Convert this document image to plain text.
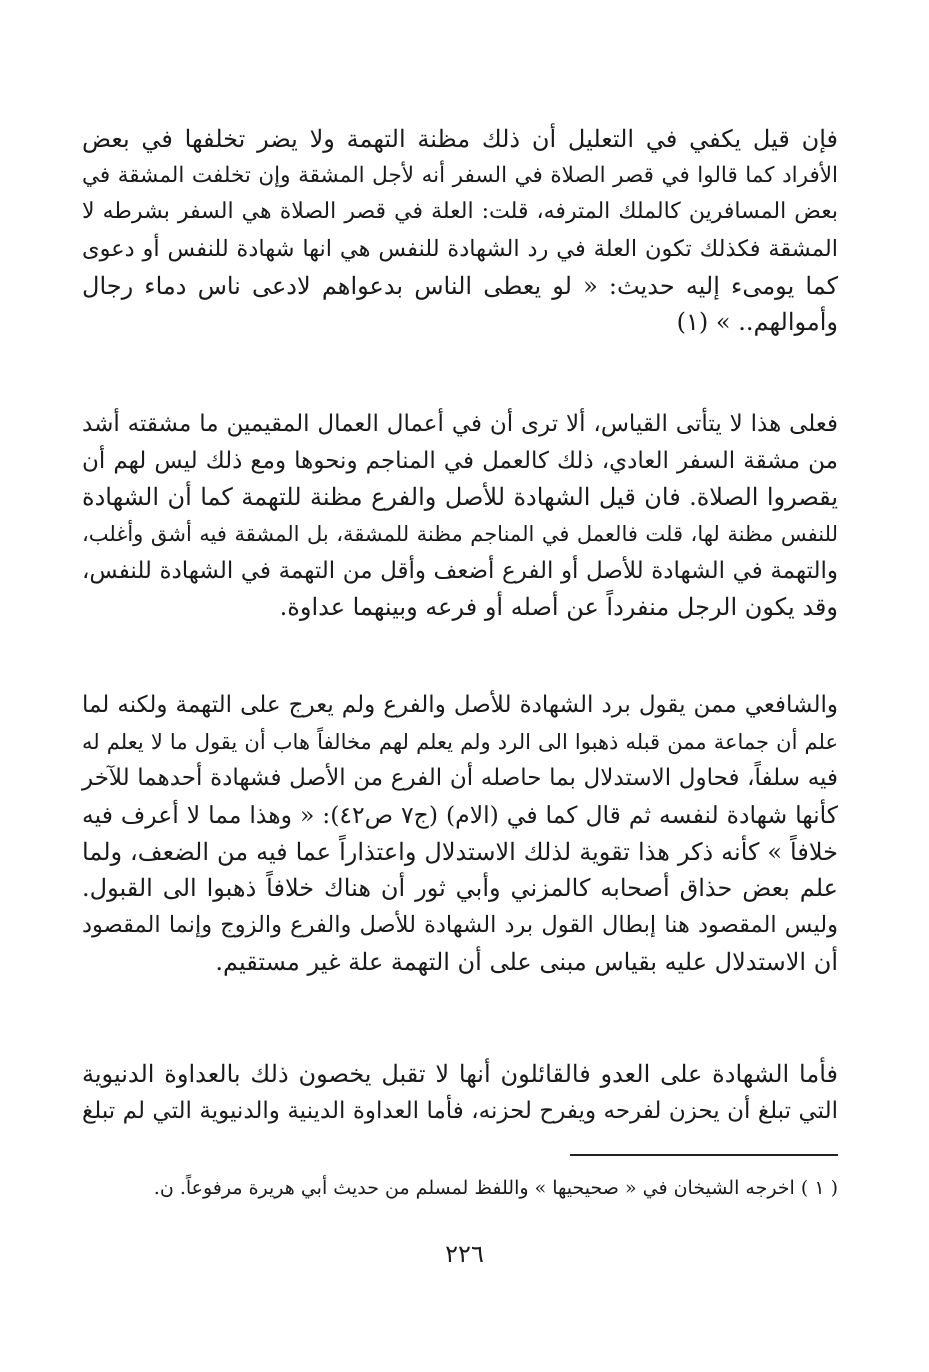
فإن قيل يكفي في التعليل أن ذلك مظنة التهمة ولا يضر تخلفها في بعض
الأفراد كما قالوا في قصر الصلاة في السفر أنه لأجل المشقة وإن تخلفت المشقة في
بعض المسافرين كالملك المترفه، قلت: العلة في قصر الصلاة هي السفر بشرطه لا
المشقة فكذلك تكون العلة في رد الشهادة للنفس هي انها شهادة للنفس أو دعوى
كما يومىء إليه حديث: « لو يعطى الناس بدعواهم لادعى ناس دماء رجال
وأموالهم.. » (١)
فعلى هذا لا يتأتى القياس، ألا ترى أن في أعمال العمال المقيمين ما مشقته أشد
من مشقة السفر العادي، ذلك كالعمل في المناجم ونحوها ومع ذلك ليس لهم أن
يقصروا الصلاة. فان قيل الشهادة للأصل والفرع مظنة للتهمة كما أن الشهادة
للنفس مظنة لها، قلت فالعمل في المناجم مظنة للمشقة، بل المشقة فيه أشق وأغلب،
والتهمة في الشهادة للأصل أو الفرع أضعف وأقل من التهمة في الشهادة للنفس،
وقد يكون الرجل منفرداً عن أصله أو فرعه وبينهما عداوة.
والشافعي ممن يقول برد الشهادة للأصل والفرع ولم يعرج على التهمة ولكنه لما
علم أن جماعة ممن قبله ذهبوا الى الرد ولم يعلم لهم مخالفاً هاب أن يقول ما لا يعلم له
فيه سلفاً، فحاول الاستدلال بما حاصله أن الفرع من الأصل فشهادة أحدهما للآخر
كأنها شهادة لنفسه ثم قال كما في (الام) (ج٧ ص٤٢): « وهذا مما لا أعرف فيه
خلافاً » كأنه ذكر هذا تقوية لذلك الاستدلال واعتذاراً عما فيه من الضعف، ولما
علم بعض حذاق أصحابه كالمزني وأبي ثور أن هناك خلافاً ذهبوا الى القبول.
وليس المقصود هنا إبطال القول برد الشهادة للأصل والفرع والزوج وإنما المقصود
أن الاستدلال عليه بقياس مبنى على أن التهمة علة غير مستقيم.
فأما الشهادة على العدو فالقائلون أنها لا تقبل يخصون ذلك بالعداوة الدنيوية
التي تبلغ أن يحزن لفرحه ويفرح لحزنه، فأما العداوة الدينية والدنيوية التي لم تبلغ
( ١ ) اخرجه الشيخان في « صحيحيها » واللفظ لمسلم من حديث أبي هريرة مرفوعاً. ن.
٢٢٦
